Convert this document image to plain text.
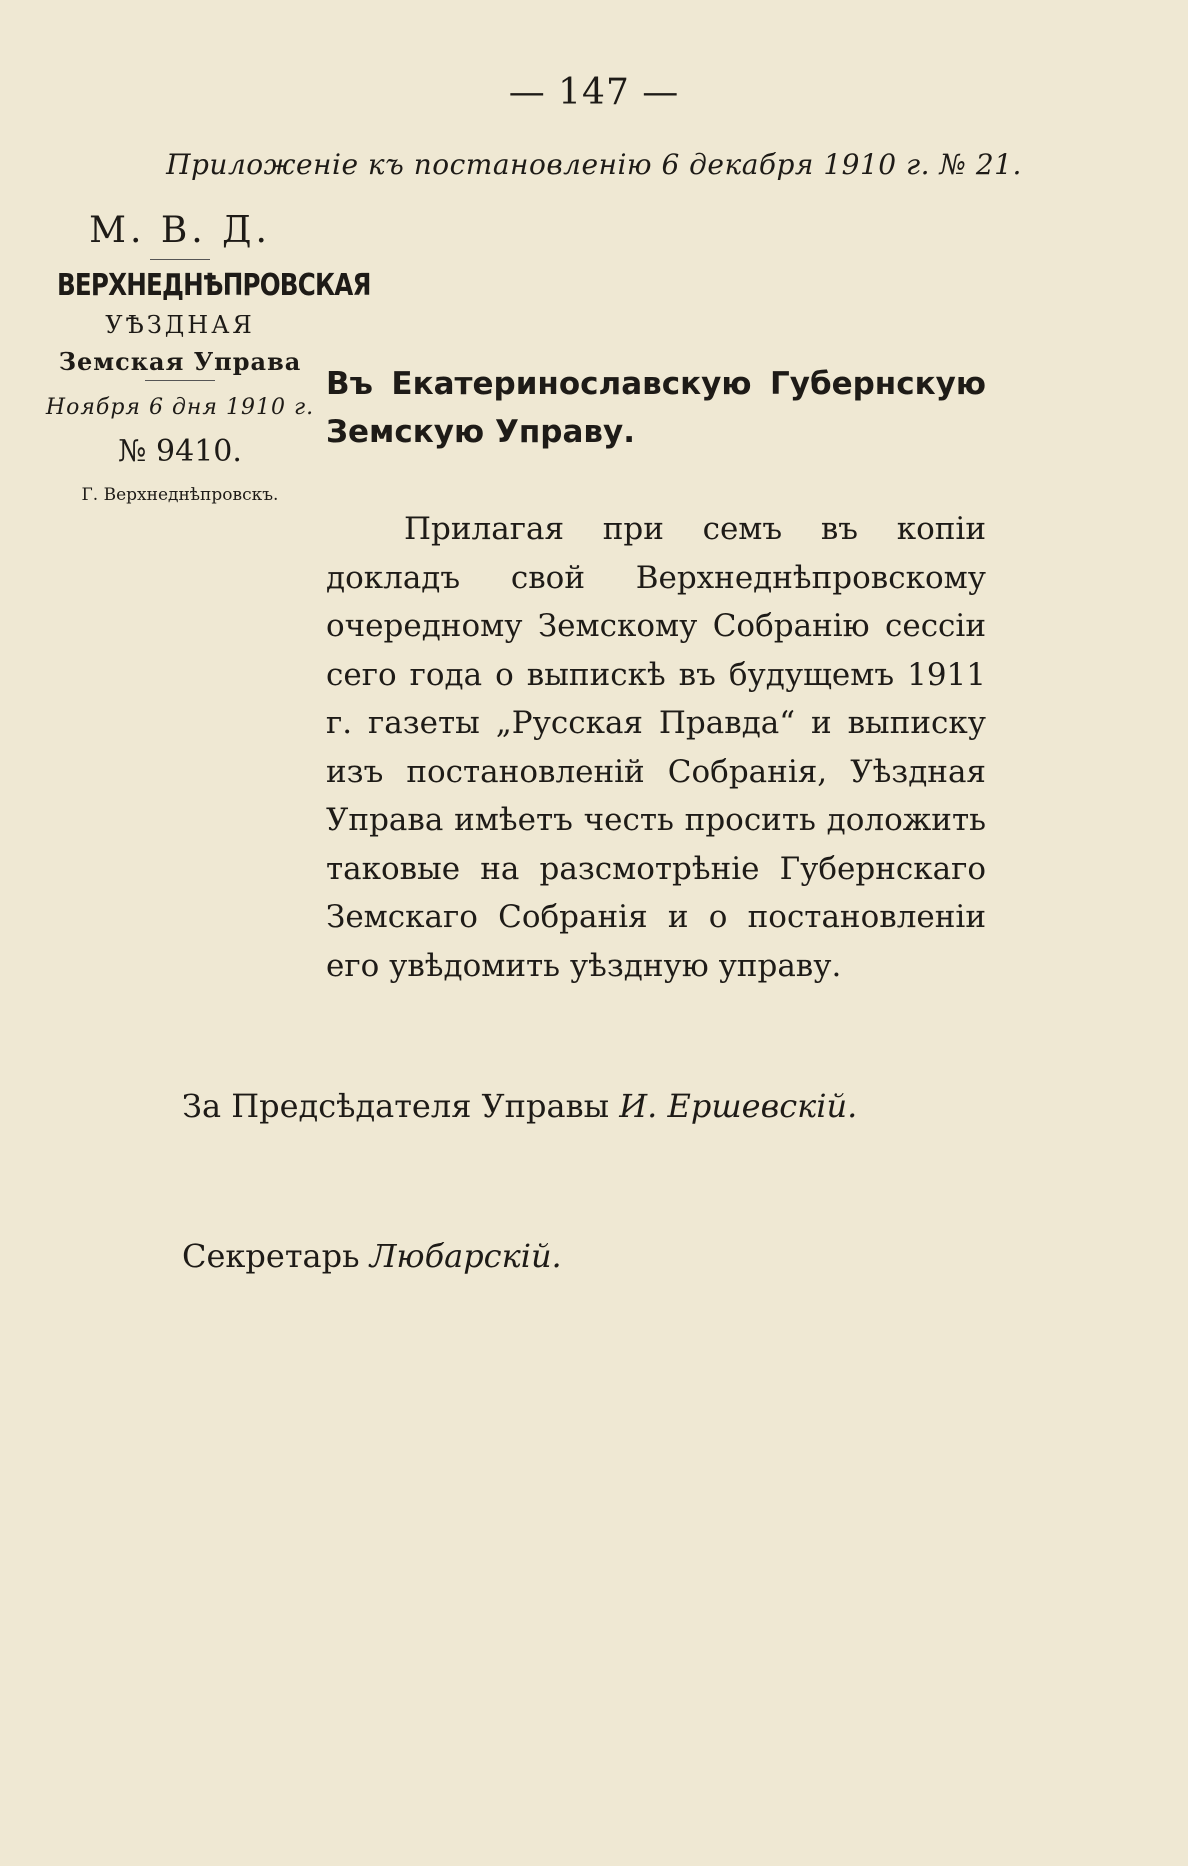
— 147 —
Приложеніе къ постановленію 6 декабря 1910 г. № 21.
М. В. Д.
ВЕРХНЕДНѢПРОВСКАЯ
УѢЗДНАЯ
Земская Управа
Ноября 6 дня 1910 г.
№ 9410.
Г. Верхнеднѣпровскъ.
Въ Екатеринославскую Губернскую Земскую Управу.
Прилагая при семъ въ копіи докладъ свой Верхнеднѣпровскому очередному Земскому Собранію сессіи сего года о выпискѣ въ будущемъ 1911 г. газеты „Русская Правда“ и выписку изъ постановленій Собранія, Уѣздная Управа имѣетъ честь просить доложить таковые на разсмотрѣніе Губернскаго Земскаго Собранія и о постановленіи его увѣдомить уѣздную управу.
За Предсѣдателя Управы И. Ершевскій.
Секретарь Любарскій.
